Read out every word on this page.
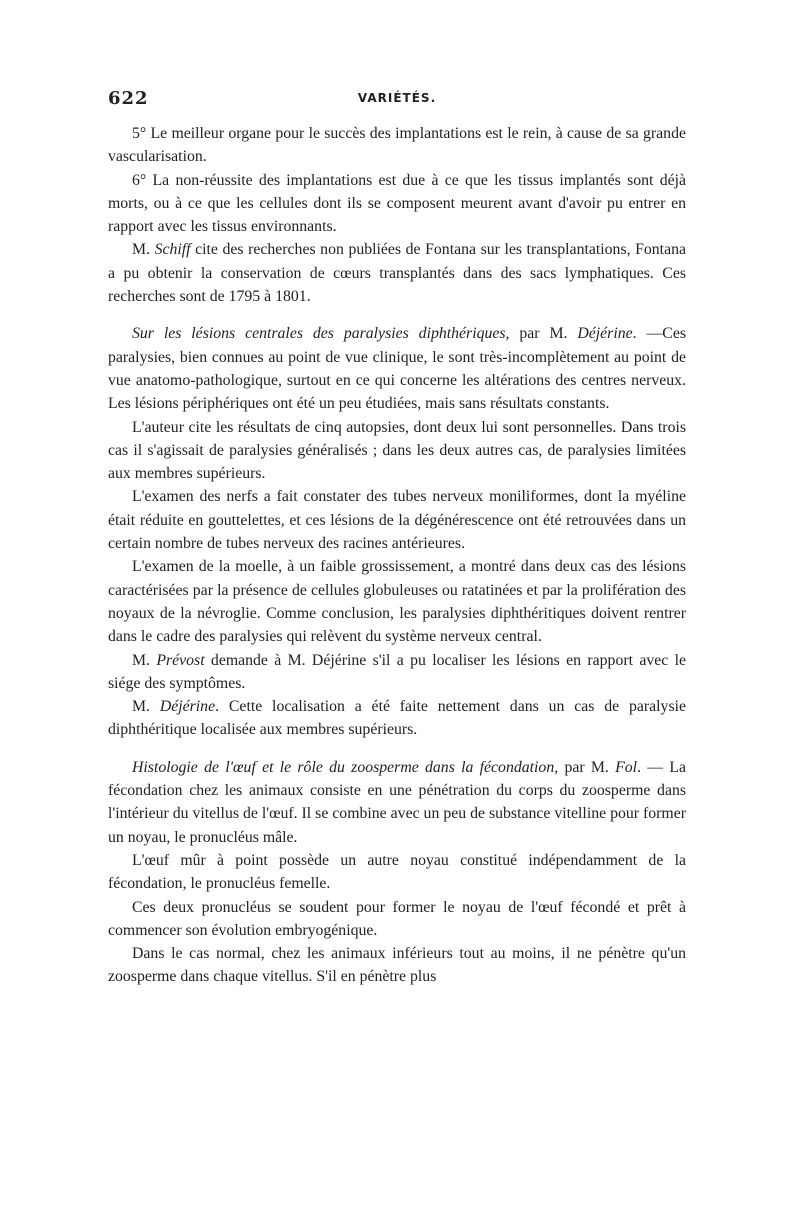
622	VARIÉTÉS.

5° Le meilleur organe pour le succès des implantations est le rein, à cause de sa grande vascularisation.

6° La non-réussite des implantations est due à ce que les tissus implantés sont déjà morts, ou à ce que les cellules dont ils se composent meurent avant d'avoir pu entrer en rapport avec les tissus environnants.

M. Schiff cite des recherches non publiées de Fontana sur les transplantations, Fontana a pu obtenir la conservation de cœurs transplantés dans des sacs lymphatiques. Ces recherches sont de 1795 à 1801.

Sur les lésions centrales des paralysies diphthériques, par M. Déjérine. —Ces paralysies, bien connues au point de vue clinique, le sont très-incomplètement au point de vue anatomo-pathologique, surtout en ce qui concerne les altérations des centres nerveux. Les lésions périphériques ont été un peu étudiées, mais sans résultats constants.

L'auteur cite les résultats de cinq autopsies, dont deux lui sont personnelles. Dans trois cas il s'agissait de paralysies généralisés ; dans les deux autres cas, de paralysies limitées aux membres supérieurs.

L'examen des nerfs a fait constater des tubes nerveux moniliformes, dont la myéline était réduite en gouttelettes, et ces lésions de la dégénérescence ont été retrouvées dans un certain nombre de tubes nerveux des racines antérieures.

L'examen de la moelle, à un faible grossissement, a montré dans deux cas des lésions caractérisées par la présence de cellules globuleuses ou ratatinées et par la prolifération des noyaux de la névroglie. Comme conclusion, les paralysies diphthéritiques doivent rentrer dans le cadre des paralysies qui relèvent du système nerveux central.

M. Prévost demande à M. Déjérine s'il a pu localiser les lésions en rapport avec le siége des symptômes.

M. Déjérine. Cette localisation a été faite nettement dans un cas de paralysie diphthéritique localisée aux membres supérieurs.

Histologie de l'œuf et le rôle du zoosperme dans la fécondation, par M. Fol. — La fécondation chez les animaux consiste en une pénétration du corps du zoosperme dans l'intérieur du vitellus de l'œuf. Il se combine avec un peu de substance vitelline pour former un noyau, le pronucléus mâle.

L'œuf mûr à point possède un autre noyau constitué indépendamment de la fécondation, le pronucléus femelle.

Ces deux pronucléus se soudent pour former le noyau de l'œuf fécondé et prêt à commencer son évolution embryogénique.

Dans le cas normal, chez les animaux inférieurs tout au moins, il ne pénètre qu'un zoosperme dans chaque vitellus. S'il en pénètre plus
